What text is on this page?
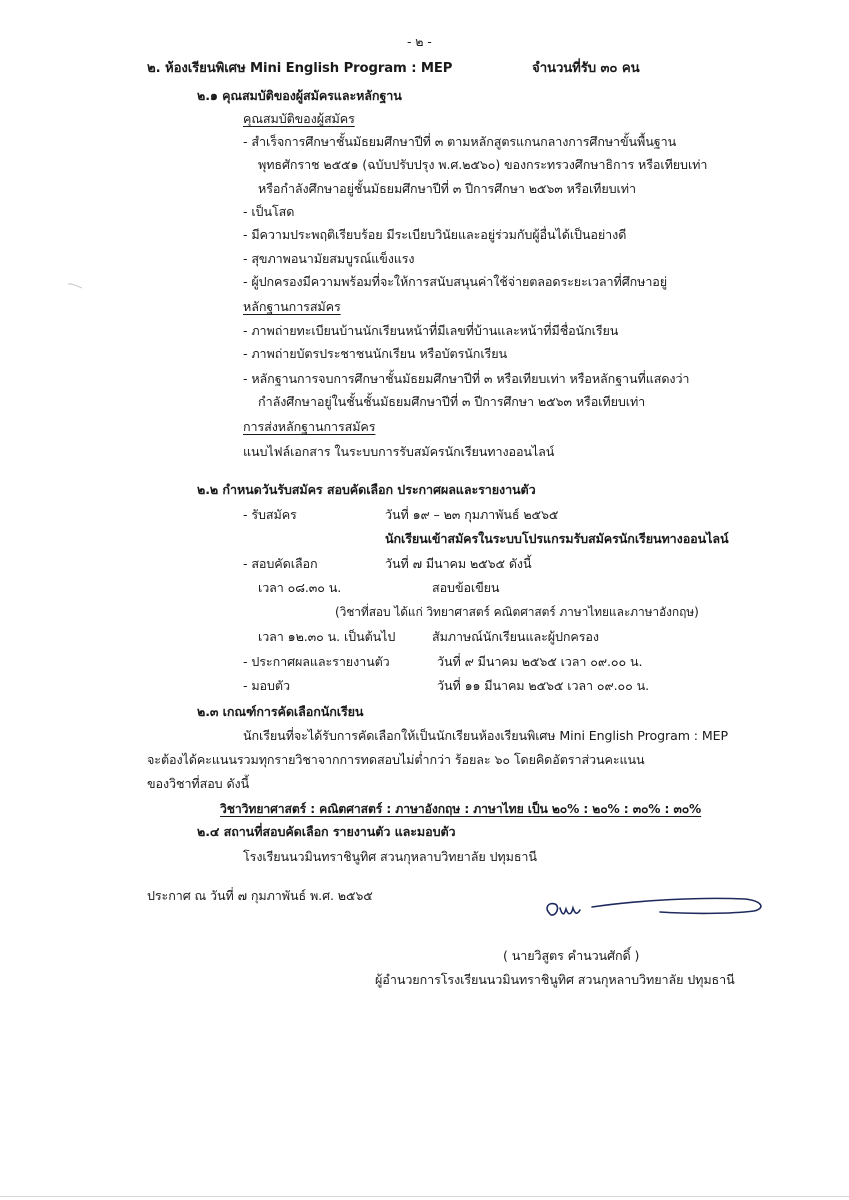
- ๒ -
๒. ห้องเรียนพิเศษ Mini English Program : MEP	จำนวนที่รับ ๓๐ คน
๒.๑ คุณสมบัติของผู้สมัครและหลักฐาน
คุณสมบัติของผู้สมัคร
- สำเร็จการศึกษาชั้นมัธยมศึกษาปีที่ ๓ ตามหลักสูตรแกนกลางการศึกษาขั้นพื้นฐาน
พุทธศักราช ๒๕๕๑ (ฉบับปรับปรุง พ.ศ.๒๕๖๐) ของกระทรวงศึกษาธิการ หรือเทียบเท่า
หรือกำลังศึกษาอยู่ชั้นมัธยมศึกษาปีที่ ๓ ปีการศึกษา ๒๕๖๓ หรือเทียบเท่า
- เป็นโสด
- มีความประพฤติเรียบร้อย มีระเบียบวินัยและอยู่ร่วมกับผู้อื่นได้เป็นอย่างดี
- สุขภาพอนามัยสมบูรณ์แข็งแรง
- ผู้ปกครองมีความพร้อมที่จะให้การสนับสนุนค่าใช้จ่ายตลอดระยะเวลาที่ศึกษาอยู่
หลักฐานการสมัคร
- ภาพถ่ายทะเบียนบ้านนักเรียนหน้าที่มีเลขที่บ้านและหน้าที่มีชื่อนักเรียน
- ภาพถ่ายบัตรประชาชนนักเรียน หรือบัตรนักเรียน
- หลักฐานการจบการศึกษาชั้นมัธยมศึกษาปีที่ ๓ หรือเทียบเท่า หรือหลักฐานที่แสดงว่า
กำลังศึกษาอยู่ในชั้นชั้นมัธยมศึกษาปีที่ ๓ ปีการศึกษา ๒๕๖๓ หรือเทียบเท่า
การส่งหลักฐานการสมัคร
แนบไฟล์เอกสาร ในระบบการรับสมัครนักเรียนทางออนไลน์
๒.๒ กำหนดวันรับสมัคร สอบคัดเลือก ประกาศผลและรายงานตัว
- รับสมัคร	วันที่ ๑๙ – ๒๓ กุมภาพันธ์ ๒๕๖๕
นักเรียนเข้าสมัครในระบบโปรแกรมรับสมัครนักเรียนทางออนไลน์
- สอบคัดเลือก	วันที่ ๗ มีนาคม ๒๕๖๕ ดังนี้
เวลา ๐๘.๓๐ น.	สอบข้อเขียน
(วิชาที่สอบ ได้แก่ วิทยาศาสตร์ คณิตศาสตร์ ภาษาไทยและภาษาอังกฤษ)
เวลา ๑๒.๓๐ น. เป็นต้นไป	สัมภาษณ์นักเรียนและผู้ปกครอง
- ประกาศผลและรายงานตัว	วันที่ ๙ มีนาคม ๒๕๖๕ เวลา ๐๙.๐๐ น.
- มอบตัว	วันที่ ๑๑ มีนาคม ๒๕๖๕ เวลา ๐๙.๐๐ น.
๒.๓ เกณฑ์การคัดเลือกนักเรียน
นักเรียนที่จะได้รับการคัดเลือกให้เป็นนักเรียนห้องเรียนพิเศษ Mini English Program : MEP
จะต้องได้คะแนนรวมทุกรายวิชาจากการทดสอบไม่ต่ำกว่า ร้อยละ ๖๐ โดยคิดอัตราส่วนคะแนน
ของวิชาที่สอบ ดังนี้
วิชาวิทยาศาสตร์ : คณิตศาสตร์ : ภาษาอังกฤษ : ภาษาไทย เป็น ๒๐% : ๒๐% : ๓๐% : ๓๐%
๒.๔ สถานที่สอบคัดเลือก รายงานตัว และมอบตัว
โรงเรียนนวมินทราชินูทิศ สวนกุหลาบวิทยาลัย ปทุมธานี
ประกาศ ณ วันที่ ๗ กุมภาพันธ์ พ.ศ. ๒๕๖๕
( นายวิสูตร คำนวนศักดิ์ )
ผู้อำนวยการโรงเรียนนวมินทราชินูทิศ สวนกุหลาบวิทยาลัย ปทุมธานี
